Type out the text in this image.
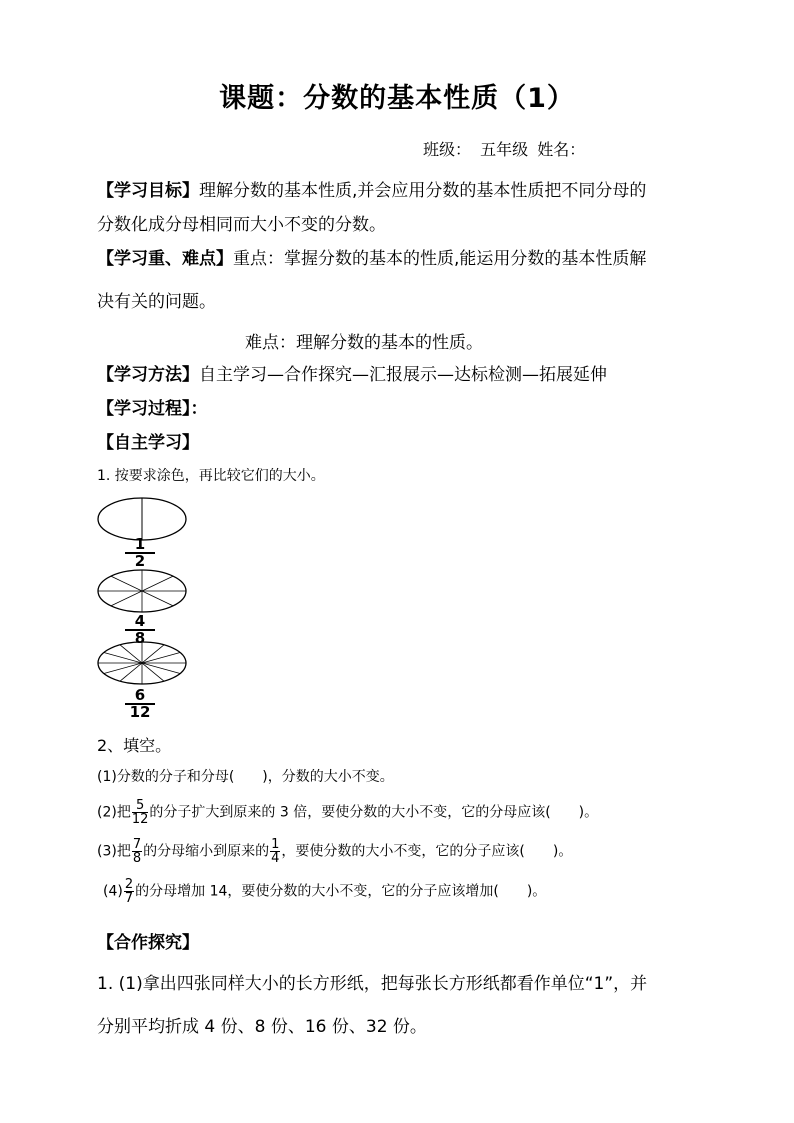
课题：分数的基本性质（1）
班级： 五年级 姓名：
【学习目标】理解分数的基本性质,并会应用分数的基本性质把不同分母的
分数化成分母相同而大小不变的分数。
【学习重、难点】重点：掌握分数的基本的性质,能运用分数的基本性质解
决有关的问题。
难点：理解分数的基本的性质。
【学习方法】自主学习—合作探究—汇报展示—达标检测—拓展延伸
【学习过程】：
【自主学习】
1. 按要求涂色，再比较它们的大小。
1
2
4
8
6
12
2、填空。
(1)分数的分子和分母(　　)，分数的大小不变。
(2)把 $\frac{5}{12}$ 的分子扩大到原来的 3 倍，要使分数的大小不变，它的分母应该(　　)。
(3)把 $\frac{7}{8}$ 的分母缩小到原来的 $\frac{1}{4}$ ，要使分数的大小不变，它的分子应该(　　)。
$(4) \frac{2}{7}$ 的分母增加 14，要使分数的大小不变，它的分子应该增加(　　)。
【合作探究】
1. (1)拿出四张同样大小的长方形纸，把每张长方形纸都看作单位“1”，并
分别平均折成 4 份、8 份、16 份、32 份。
